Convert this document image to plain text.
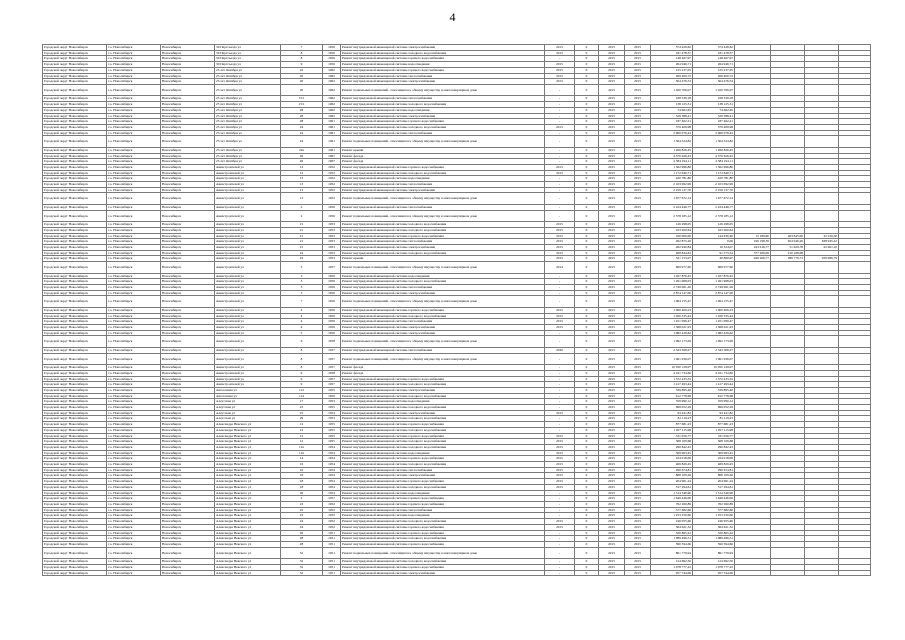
4
Городской округ Новосибирск	г.о. Новосибирск	Новосибирск	30 Партсъезда ул	7	1956	Ремонт внутридомовой инженерной системы электроснабжения	2015	0	2015	2015	374 426,62	374 426,62				
Городской округ Новосибирск	г.о. Новосибирск	Новосибирск	30 Партсъезда ул	8	1956	Ремонт внутридомовой инженерной системы холодного водоснабжения	2015	0	2015	2015	181 478,57	181 478,57				
Городской округ Новосибирск	г.о. Новосибирск	Новосибирск	30 Партсъезда ул	8	1956	Ремонт внутридомовой инженерной системы горячего водоснабжения	-	0	2015	2015	148 467,97	148 467,97				
Городской округ Новосибирск	г.о. Новосибирск	Новосибирск	30 Партсъезда ул	9	1956	Ремонт внутридомовой инженерной системы водоотведения	2015	0	2015	2015	264 946,71	264 946,71				
Городской округ Новосибирск	г.о. Новосибирск	Новосибирск	25 лет Октября ул	22	1962	Ремонт внутридомовой инженерной системы горячего водоснабжения	2015	0	2015	2015	125 237,05	125 237,05				
Городской округ Новосибирск	г.о. Новосибирск	Новосибирск	25 лет Октября ул	20	1962	Ремонт внутридомовой инженерной системы теплоснабжения	2015	0	2015	2015	269 400,72	269 400,72				
Городской округ Новосибирск	г.о. Новосибирск	Новосибирск	25 лет Октября ул	20	1962	Ремонт внутридомовой инженерной системы электроснабжения	2015	0	2015	2015	504 476,53	504 476,53				
Городской округ Новосибирск	г.о. Новосибирск	Новосибирск	25 лет Октября ул	20	1962	Ремонт подвальных помещений, относящихся к общему имуществу в многоквартирном доме	-	0	2015	2015	1 020 706,07	1 020 706,07				
Городской округ Новосибирск	г.о. Новосибирск	Новосибирск	25 лет Октября ул	13/1	1962	Ремонт внутридомовой инженерной системы теплоснабжения	-	0	2015	2015	168 339,18	168 339,18				
Городской округ Новосибирск	г.о. Новосибирск	Новосибирск	25 лет Октября ул	13/1	1962	Ремонт внутридомовой инженерной системы холодного водоснабжения	-	0	2015	2015	138 125,31	138 125,31				
Городской округ Новосибирск	г.о. Новосибирск	Новосибирск	25 лет Октября ул	28	1962	Ремонт внутридомовой инженерной системы водоотведения	-	0	2015	2015	74 662,65	74 662,65				
Городской округ Новосибирск	г.о. Новосибирск	Новосибирск	25 лет Октября ул	28	1962	Ремонт внутридомовой инженерной системы электроснабжения	-	0	2015	2015	329 388,41	329 388,41				
Городской округ Новосибирск	г.о. Новосибирск	Новосибирск	25 лет Октября ул	28	1961	Ремонт внутридомовой инженерной системы горячего водоснабжения	-	0	2015	2015	187 462,21	187 462,21				
Городской округ Новосибирск	г.о. Новосибирск	Новосибирск	25 лет Октября ул	24	1961	Ремонт внутридомовой инженерной системы холодного водоснабжения	2015	0	2015	2015	379 409,98	379 409,98				
Городской округ Новосибирск	г.о. Новосибирск	Новосибирск	25 лет Октября ул	24	1961	Ремонт внутридомовой инженерной системы теплоснабжения	-	0	2015	2015	2 060 076,43	2 060 076,43				
Городской округ Новосибирск	г.о. Новосибирск	Новосибирск	25 лет Октября ул	24	1961	Ремонт подвальных помещений, относящихся к общему имуществу в многоквартирном доме	-	0	2015	2015	1 364 524,82	1 364 524,82				
Городской округ Новосибирск	г.о. Новосибирск	Новосибирск	25 лет Октября ул	24а	1961	Ремонт крыши	-	0	2015	2015	1 266 826,45	1 266 826,45				
Городской округ Новосибирск	г.о. Новосибирск	Новосибирск	25 лет Октября ул	26	1967	Ремонт фасада	-	0	2015	2015	4 370 626,43	4 370 626,43				
Городской округ Новосибирск	г.о. Новосибирск	Новосибирск	25 лет Октября ул	26	1967	Ремонт фасада	-	0	2015	2015	2 584 194,11	2 584 194,11				
Городской округ Новосибирск	г.о. Новосибирск	Новосибирск	Авиастроителей ул	12	1952	Ремонт внутридомовой инженерной системы горячего водоснабжения	2015	0	2015	2015	1 362 996,80	1 362 996,80				
Городской округ Новосибирск	г.о. Новосибирск	Новосибирск	Авиастроителей ул	12	1952	Ремонт внутридомовой инженерной системы холодного водоснабжения	2015	0	2015	2015	1 172 640,71	1 172 640,71				
Городской округ Новосибирск	г.о. Новосибирск	Новосибирск	Авиастроителей ул	13	1952	Ремонт внутридомовой инженерной системы водоотведения	-	0	2015	2015	420 781,80	420 781,80				
Городской округ Новосибирск	г.о. Новосибирск	Новосибирск	Авиастроителей ул	13	1952	Ремонт внутридомовой инженерной системы теплоснабжения	-	0	2015	2015	2 103 092,99	2 103 092,99				
Городской округ Новосибирск	г.о. Новосибирск	Новосибирск	Авиастроителей ул	13	1952	Ремонт внутридомовой инженерной системы электроснабжения	-	0	2015	2015	2 259 137,70	2 259 137,70				
Городской округ Новосибирск	г.о. Новосибирск	Новосибирск	Авиастроителей ул	13	1952	Ремонт подвальных помещений, относящихся к общему имуществу в многоквартирном доме	-	0	2015	2015	1 677 672,14	1 677 672,14				
Городской округ Новосибирск	г.о. Новосибирск	Новосибирск	Авиастроителей ул	2	1956	Ремонт внутридомовой инженерной системы теплоснабжения	-	0	2015	2015	2 224 446,77	2 224 446,77				
Городской округ Новосибирск	г.о. Новосибирск	Новосибирск	Авиастроителей ул	2	1956	Ремонт подвальных помещений, относящихся к общему имуществу в многоквартирном доме	-	0	2015	2015	2 578 185,12	2 578 185,12				
Городской округ Новосибирск	г.о. Новосибирск	Новосибирск	Авиастроителей ул	21	1953	Ремонт внутридомовой инженерной системы холодного водоснабжения	2015	0	2015	2015	126 298,05	126 298,05				
Городской округ Новосибирск	г.о. Новосибирск	Новосибирск	Авиастроителей ул	21	1953	Ремонт внутридомовой инженерной системы холодного водоснабжения	2015	0	2015	2015	163 200,64	163 200,64				
Городской округ Новосибирск	г.о. Новосибирск	Новосибирск	Авиастроителей ул	21	1953	Ремонт внутридомовой инженерной системы горячего водоснабжения	2015	0	2015	2015	160 000,00	144 930,40	15 189,60	463 645,00	32 226,30	
Городской округ Новосибирск	г.о. Новосибирск	Новосибирск	Авиастроителей ул	21	1953	Ремонт внутридомовой инженерной системы теплоснабжения	2015	0	2015	2015	262 875,20	0,00	196 198,39	654 046,26	638 945,22	
Городской округ Новосибирск	г.о. Новосибирск	Новосибирск	Авиастроителей ул	21	1953	Ремонт внутридомовой инженерной системы электроснабжения	2015	0	2015	2015	262 940,84	19 324,07	243 616,77	51 629,78	22 961,10	
Городской округ Новосибирск	г.о. Новосибирск	Новосибирск	Авиастроителей ул	24	1953	Ремонт внутридомовой инженерной системы холодного водоснабжения	2015	0	2015	2015	468 844,63	91 575,54	377 269,09	210 168,08		
Городской округ Новосибирск	г.о. Новосибирск	Новосибирск	Авиастроителей ул	24	1953	Ремонт крыши	2015	0	2015	2015	521 153,07	40 860,97	946 206,77	286 776,73	939 986,79	
Городской округ Новосибирск	г.о. Новосибирск	Новосибирск	Авиастроителей ул	3	1957	Ремонт подвальных помещений, относящихся к общему имуществу в многоквартирном доме	2014	0	2015	2015	669 977,60	669 977,60				
Городской округ Новосибирск	г.о. Новосибирск	Новосибирск	Авиастроителей ул	3	1956	Ремонт внутридомовой инженерной системы водоотведения	-	0	2015	2015	1 027 876,45	1 027 876,45				
Городской округ Новосибирск	г.о. Новосибирск	Новосибирск	Авиастроителей ул	3	1956	Ремонт внутридомовой инженерной системы холодного водоснабжения	-	0	2015	2015	1 261 968,03	1 261 968,03				
Городской округ Новосибирск	г.о. Новосибирск	Новосибирск	Авиастроителей ул	3	1956	Ремонт внутридомовой инженерной системы теплоснабжения	-	0	2015	2015	2 749 061,26	2 749 061,26				
Городской округ Новосибирск	г.о. Новосибирск	Новосибирск	Авиастроителей ул	3	1956	Ремонт внутридомовой инженерной системы электроснабжения	-	0	2015	2015	2 874 147,00	2 874 147,00				
Городской округ Новосибирск	г.о. Новосибирск	Новосибирск	Авиастроителей ул	7	1956	Ремонт подвальных помещений, относящихся к общему имуществу в многоквартирном доме	-	0	2015	2015	1 064 155,47	1 064 155,47				
Городской округ Новосибирск	г.о. Новосибирск	Новосибирск	Авиастроителей ул	4	1956	Ремонт внутридомовой инженерной системы горячего водоснабжения	2015	0	2015	2015	1 000 406,23	1 000 406,23				
Городской округ Новосибирск	г.о. Новосибирск	Новосибирск	Авиастроителей ул	4	1956	Ремонт внутридомовой инженерной системы холодного водоснабжения	2015	0	2015	2015	1 020 335,44	1 020 335,44				
Городской округ Новосибирск	г.о. Новосибирск	Новосибирск	Авиастроителей ул	4	1956	Ремонт внутридомовой инженерной системы теплоснабжения	2015	0	2015	2015	1 451 099,47	1 451 099,47				
Городской округ Новосибирск	г.о. Новосибирск	Новосибирск	Авиастроителей ул	4	1956	Ремонт внутридомовой инженерной системы электроснабжения	2015	0	2015	2015	1 368 021,93	1 368 021,93				
Городской округ Новосибирск	г.о. Новосибирск	Новосибирск	Авиастроителей ул	5	1956	Ремонт внутридомовой инженерной системы электроснабжения	-	0	2015	2015	1 982 429,62	1 982 429,62				
Городской округ Новосибирск	г.о. Новосибирск	Новосибирск	Авиастроителей ул	6	1958	Ремонт подвальных помещений, относящихся к общему имуществу в многоквартирном доме	-	0	2015	2015	1 992 173,09	1 992 173,09				
Городской округ Новосибирск	г.о. Новосибирск	Новосибирск	Авиастроителей ул	8	1957	Ремонт внутридомовой инженерной системы теплоснабжения	2030	0	2015	2015	2 343 308,27	2 343 308,27				
Городской округ Новосибирск	г.о. Новосибирск	Новосибирск	Авиастроителей ул	8	1957	Ремонт подвальных помещений, относящихся к общему имуществу в многоквартирном доме	-	0	2015	2015	1 961 936,07	1 961 936,07				
Городской округ Новосибирск	г.о. Новосибирск	Новосибирск	Авиастроителей ул	8	1957	Ремонт фасада	-	0	2015	2015	10 050 128,07	10 050 128,07				
Городской округ Новосибирск	г.о. Новосибирск	Новосибирск	Авиастроителей ул	9	1958	Ремонт фасада	-	0	2015	2015	4 161 734,60	4 161 734,60				
Городской округ Новосибирск	г.о. Новосибирск	Новосибирск	Авиастроителей ул	9	1957	Ремонт внутридомовой инженерной системы горячего водоснабжения	-	0	2015	2015	1 372 433,55	1 372 433,55				
Городской округ Новосибирск	г.о. Новосибирск	Новосибирск	Авиастроителей ул	9	1957	Ремонт внутридомовой инженерной системы холодного водоснабжения	-	0	2015	2015	1 417 493,44	1 417 493,44				
Городской округ Новосибирск	г.о. Новосибирск	Новосибирск	Автогенная ул	112	1955	Ремонт внутридомовой инженерной системы электроснабжения	-	0	2015	2015	339 895,40	339 895,40				
Городской округ Новосибирск	г.о. Новосибирск	Новосибирск	Автогенная ул	114	1956	Ремонт внутридомовой инженерной системы холодного водоснабжения	-	0	2015	2015	612 778,68	612 778,68				
Городской округ Новосибирск	г.о. Новосибирск	Новосибирск	Алеутская ул	17	1953	Ремонт внутридомовой инженерной системы водоотведения	-	0	2015	2015	359 990,12	359 990,12				
Городской округ Новосибирск	г.о. Новосибирск	Новосибирск	Алеутская ул	23	1955	Ремонт внутридомовой инженерной системы холодного водоснабжения	-	0	2015	2015	699 052,29	699 052,29				
Городской округ Новосибирск	г.о. Новосибирск	Новосибирск	Алеутская ул	25	1954	Ремонт внутридомовой инженерной системы электроснабжения	2015	0	2015	2015	93 441,82	93 441,82				
Городской округ Новосибирск	г.о. Новосибирск	Новосибирск	Алеутская ул	29	1953	Ремонт внутридомовой инженерной системы холодного водоснабжения	-	0	2015	2015	81 119,23	81 119,23				
Городской округ Новосибирск	г.о. Новосибирск	Новосибирск	Александра Невского ул	12	1955	Ремонт внутридомовой инженерной системы горячего водоснабжения	-	0	2015	2015	877 681,23	877 681,23				
Городской округ Новосибирск	г.о. Новосибирск	Новосибирск	Александра Невского ул	12	1955	Ремонт внутридомовой инженерной системы холодного водоснабжения	-	0	2015	2015	1 057 115,98	1 057 115,98				
Городской округ Новосибирск	г.о. Новосибирск	Новосибирск	Александра Невского ул	12	1955	Ремонт внутридомовой инженерной системы горячего водоснабжения	2015	0	2015	2015	331 056,77	331 056,77				
Городской округ Новосибирск	г.о. Новосибирск	Новосибирск	Александра Невского ул	12	1955	Ремонт внутридомовой инженерной системы холодного водоснабжения	2015	0	2015	2015	368 109,68	368 109,68				
Городской округ Новосибирск	г.о. Новосибирск	Новосибирск	Александра Невского ул	12а	1954	Ремонт внутридомовой инженерной системы холодного водоснабжения	2015	0	2015	2015	290 842,43	290 842,43				
Городской округ Новосибирск	г.о. Новосибирск	Новосибирск	Александра Невского ул	12а	1954	Ремонт внутридомовой инженерной системы водоотведения	2015	0	2015	2015	309 963,45	309 963,45				
Городской округ Новосибирск	г.о. Новосибирск	Новосибирск	Александра Невского ул	14	1954	Ремонт внутридомовой инженерной системы горячего водоснабжения	2015	0	2015	2015	164 018,06	164 018,06				
Городской округ Новосибирск	г.о. Новосибирск	Новосибирск	Александра Невского ул	16	1954	Ремонт внутридомовой инженерной системы холодного водоснабжения	2015	0	2015	2015	469 829,45	469 829,45				
Городской округ Новосибирск	г.о. Новосибирск	Новосибирск	Александра Невского ул	16	1954	Ремонт внутридомовой инженерной системы теплоснабжения	2015	0	2015	2015	290 674,81	290 674,81				
Городской округ Новосибирск	г.о. Новосибирск	Новосибирск	Александра Невского ул	16	1954	Ремонт внутридомовой инженерной системы электроснабжения	2015	0	2015	2015	868 109,26	868 109,26				
Городской округ Новосибирск	г.о. Новосибирск	Новосибирск	Александра Невского ул	18	1954	Ремонт внутридомовой инженерной системы горячего водоснабжения	2015	0	2015	2015	204 961,24	204 961,24				
Городской округ Новосибирск	г.о. Новосибирск	Новосибирск	Александра Невского ул	18	1954	Ремонт внутридомовой инженерной системы холодного водоснабжения	2015	0	2015	2015	317 294,61	317 294,61				
Городской округ Новосибирск	г.о. Новосибирск	Новосибирск	Александра Невского ул	20	1954	Ремонт внутридомовой инженерной системы водоотведения	-	0	2015	2015	1 514 340,90	1 514 340,90				
Городской округ Новосибирск	г.о. Новосибирск	Новосибирск	Александра Невского ул	2	1957	Ремонт внутридомовой инженерной системы горячего водоснабжения	-	0	2015	2015	1 649 446,06	1 649 446,06				
Городской округ Новосибирск	г.о. Новосибирск	Новосибирск	Александра Невского ул	22	1952	Ремонт внутридомовой инженерной системы горячего водоснабжения	-	0	2015	2015	762 260,89	762 260,89				
Городской округ Новосибирск	г.о. Новосибирск	Новосибирск	Александра Невского ул	22	1952	Ремонт внутридомовой инженерной системы теплоснабжения	-	0	2015	2015	577 682,66	577 682,66				
Городской округ Новосибирск	г.о. Новосибирск	Новосибирск	Александра Невского ул	22	1952	Ремонт внутридомовой инженерной системы водоотведения	-	0	2015	2015	1 253 250,60	1 253 250,60				
Городской округ Новосибирск	г.о. Новосибирск	Новосибирск	Александра Невского ул	24	1952	Ремонт внутридомовой инженерной системы холодного водоснабжения	2015	0	2015	2015	246 955,66	246 955,66				
Городской округ Новосибирск	г.о. Новосибирск	Новосибирск	Александра Невского ул	24	1952	Ремонт внутридомовой инженерной системы горячего водоснабжения	2015	0	2015	2015	364 621,32	364 621,32				
Городской округ Новосибирск	г.о. Новосибирск	Новосибирск	Александра Невского ул	26	1951	Ремонт внутридомовой инженерной системы горячего водоснабжения	-	0	2015	2015	320 865,22	320 865,22				
Городской округ Новосибирск	г.о. Новосибирск	Новосибирск	Александра Невского ул	28	1951	Ремонт внутридомовой инженерной системы холодного водоснабжения	-	0	2015	2015	1 089 496,51	1 089 496,51				
Городской округ Новосибирск	г.о. Новосибирск	Новосибирск	Александра Невского ул	28	1951	Ремонт внутридомовой инженерной системы горячего водоснабжения	-	0	2015	2015	590 594,66	590 594,66				
Городской округ Новосибирск	г.о. Новосибирск	Новосибирск	Александра Невского ул	32	1951	Ремонт подвальных помещений, относящихся к общему имуществу в многоквартирном доме	-	0	2015	2015	861 779,94	861 779,94				
Городской округ Новосибирск	г.о. Новосибирск	Новосибирск	Александра Невского ул	32	1951	Ремонт внутридомовой инженерной системы холодного водоснабжения	-	0	2015	2015	124 692,50	124 692,50				
Городской округ Новосибирск	г.о. Новосибирск	Новосибирск	Александра Невского ул	32	1951	Ремонт внутридомовой инженерной системы горячего водоснабжения	-	0	2015	2015	1 078 777,22	1 078 777,22				
Городской округ Новосибирск	г.о. Новосибирск	Новосибирск	Александра Невского ул	32	1951	Ремонт внутридомовой инженерной системы электроснабжения	-	0	2015	2015	957 744,06	957 744,06				
